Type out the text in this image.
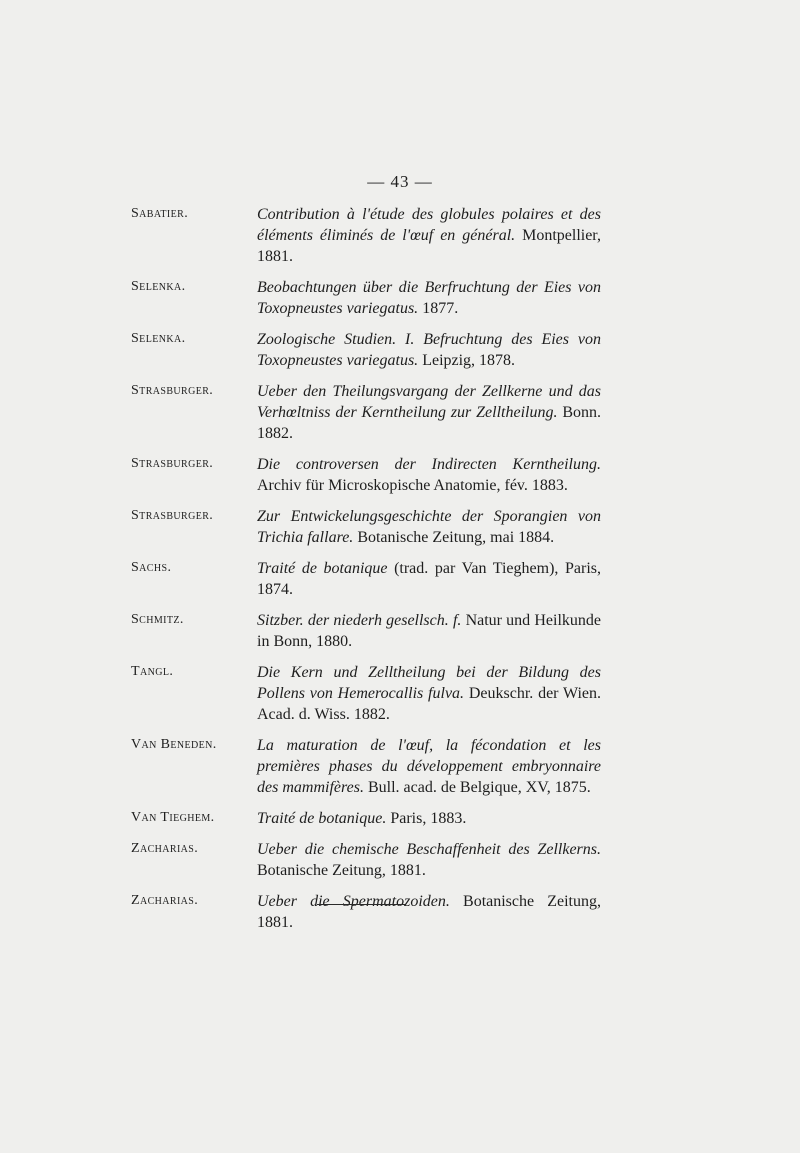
— 43 —
Sabatier.	Contribution à l'étude des globules polaires et des éléments éliminés de l'œuf en général. Montpellier, 1881.
Selenka.	Beobachtungen über die Berfruchtung der Eies von Toxopneustes variegatus. 1877.
Selenka.	Zoologische Studien. I. Befruchtung des Eies von Toxopneustes variegatus. Leipzig, 1878.
Strasburger.	Ueber den Theilungsvargang der Zellkerne und das Verhœltniss der Kerntheilung zur Zelltheilung. Bonn. 1882.
Strasburger.	Die controversen der Indirecten Kerntheilung. Archiv für Microskopische Anatomie, fév. 1883.
Strasburger.	Zur Entwickelungsgeschichte der Sporangien von Trichia fallare. Botanische Zeitung, mai 1884.
Sachs.	Traité de botanique (trad. par Van Tieghem), Paris, 1874.
Schmitz.	Sitzber. der niederh gesellsch. f. Natur und Heilkunde in Bonn, 1880.
Tangl.	Die Kern und Zelltheilung bei der Bildung des Pollens von Hemerocallis fulva. Deukschr. der Wien. Acad. d. Wiss. 1882.
Van Beneden.	La maturation de l'œuf, la fécondation et les premières phases du développement embryonnaire des mammifères. Bull. acad. de Belgique, XV, 1875.
Van Tieghem.	Traité de botanique. Paris, 1883.
Zacharias.	Ueber die chemische Beschaffenheit des Zellkerns. Botanische Zeitung, 1881.
Zacharias.	Ueber die Spermatozoiden. Botanische Zeitung, 1881.
